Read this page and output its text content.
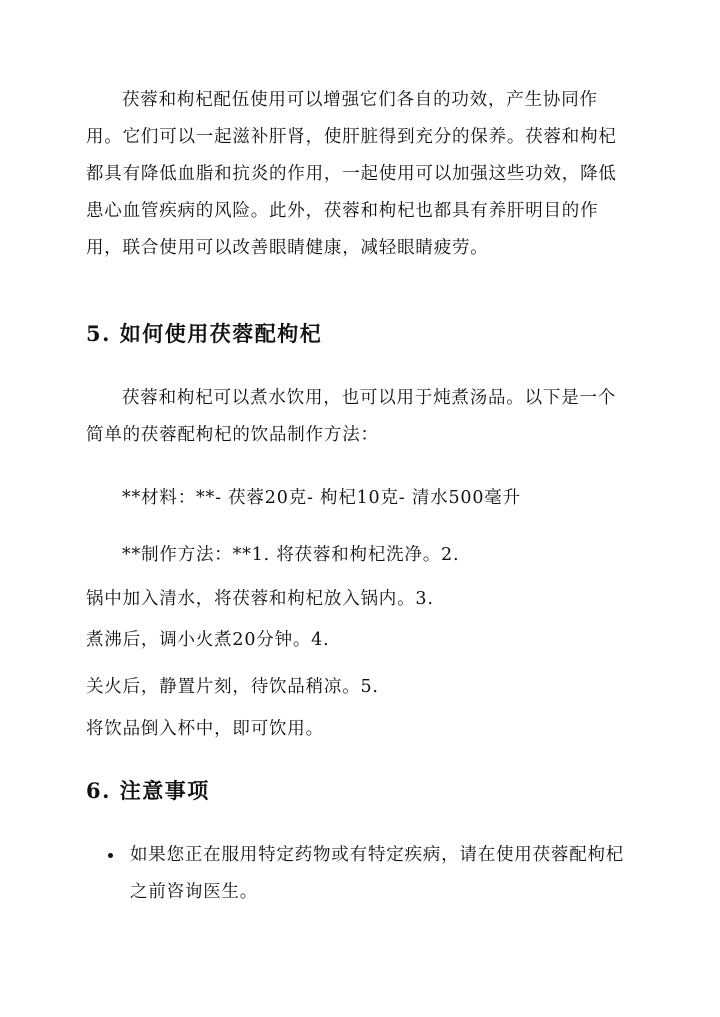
茯蓉和枸杞配伍使用可以增强它们各自的功效，产生协同作用。它们可以一起滋补肝肾，使肝脏得到充分的保养。茯蓉和枸杞都具有降低血脂和抗炎的作用，一起使用可以加强这些功效，降低患心血管疾病的风险。此外，茯蓉和枸杞也都具有养肝明目的作用，联合使用可以改善眼睛健康，减轻眼睛疲劳。

5. 如何使用茯蓉配枸杞

茯蓉和枸杞可以煮水饮用，也可以用于炖煮汤品。以下是一个简单的茯蓉配枸杞的饮品制作方法：

**材料：**- 茯蓉20克- 枸杞10克- 清水500毫升

**制作方法：**1. 将茯蓉和枸杞洗净。2.

锅中加入清水，将茯蓉和枸杞放入锅内。3.

煮沸后，调小火煮20分钟。4.

关火后，静置片刻，待饮品稍凉。5.

将饮品倒入杯中，即可饮用。

6. 注意事项

如果您正在服用特定药物或有特定疾病，请在使用茯蓉配枸杞之前咨询医生。
